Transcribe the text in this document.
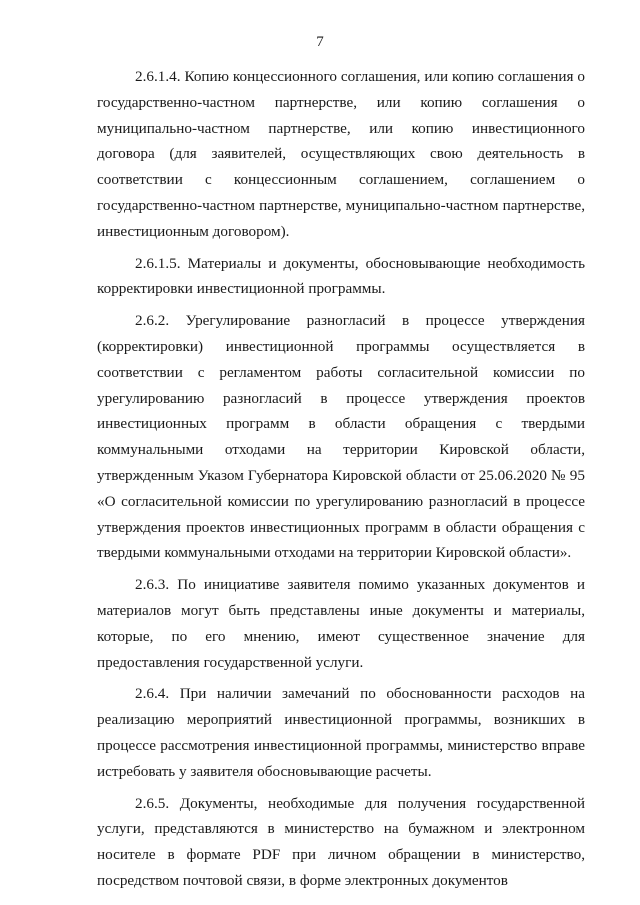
7

2.6.1.4. Копию концессионного соглашения, или копию соглашения о государственно-частном партнерстве, или копию соглашения о муниципально-частном партнерстве, или копию инвестиционного договора (для заявителей, осуществляющих свою деятельность в соответствии с концессионным соглашением, соглашением о государственно-частном партнерстве, муниципально-частном партнерстве, инвестиционным договором).

2.6.1.5. Материалы и документы, обосновывающие необходимость корректировки инвестиционной программы.

2.6.2. Урегулирование разногласий в процессе утверждения (корректировки) инвестиционной программы осуществляется в соответствии с регламентом работы согласительной комиссии по урегулированию разногласий в процессе утверждения проектов инвестиционных программ в области обращения с твердыми коммунальными отходами на территории Кировской области, утвержденным Указом Губернатора Кировской области от 25.06.2020 № 95 «О согласительной комиссии по урегулированию разногласий в процессе утверждения проектов инвестиционных программ в области обращения с твердыми коммунальными отходами на территории Кировской области».

2.6.3. По инициативе заявителя помимо указанных документов и материалов могут быть представлены иные документы и материалы, которые, по его мнению, имеют существенное значение для предоставления государственной услуги.

2.6.4. При наличии замечаний по обоснованности расходов на реализацию мероприятий инвестиционной программы, возникших в процессе рассмотрения инвестиционной программы, министерство вправе истребовать у заявителя обосновывающие расчеты.

2.6.5. Документы, необходимые для получения государственной услуги, представляются в министерство на бумажном и электронном носителе в формате PDF при личном обращении в министерство, посредством почтовой связи, в форме электронных документов
